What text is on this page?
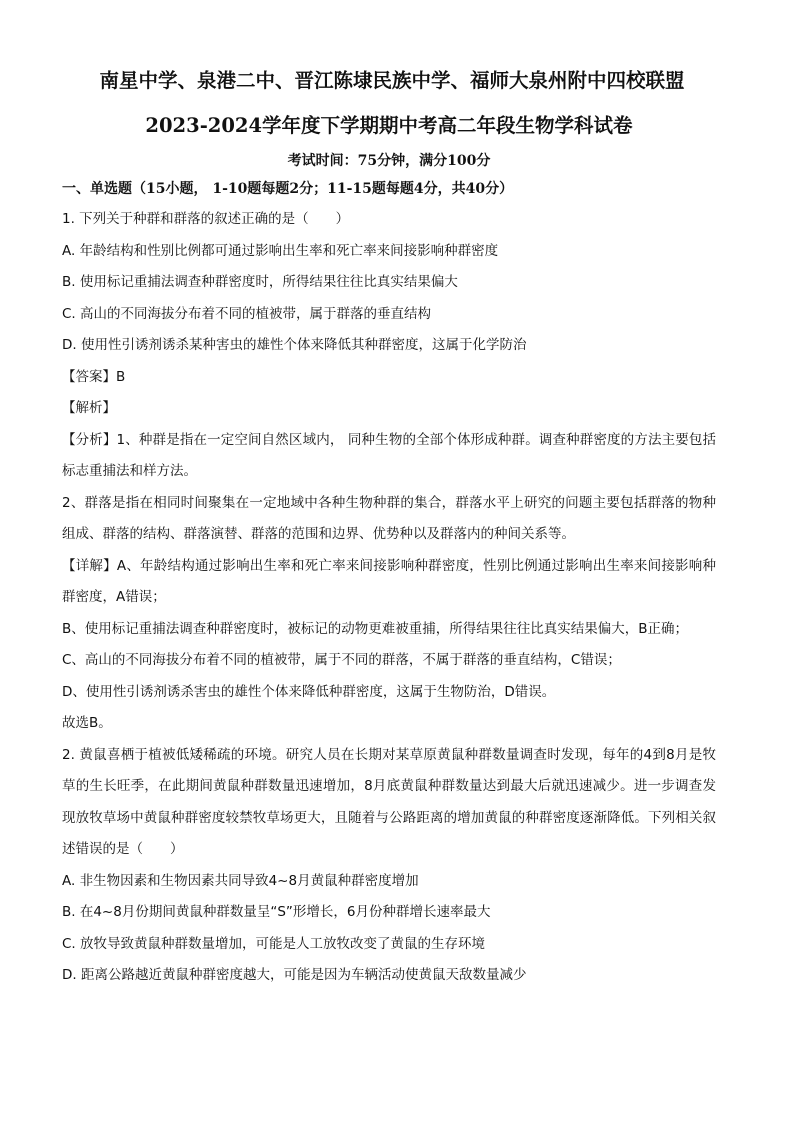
南星中学、泉港二中、晋江陈埭民族中学、福师大泉州附中四校联盟
2023-2024学年度下学期期中考高二年段生物学科试卷
考试时间：75分钟，满分100分
一、单选题（15小题， 1-10题每题2分；11-15题每题4分，共40分）
1. 下列关于种群和群落的叙述正确的是（　　）
A. 年龄结构和性别比例都可通过影响出生率和死亡率来间接影响种群密度
B. 使用标记重捕法调查种群密度时，所得结果往往比真实结果偏大
C. 高山的不同海拔分布着不同的植被带，属于群落的垂直结构
D. 使用性引诱剂诱杀某种害虫的雄性个体来降低其种群密度，这属于化学防治
【答案】B
【解析】
【分析】1、种群是指在一定空间自然区域内， 同种生物的全部个体形成种群。调查种群密度的方法主要包括标志重捕法和样方法。
2、群落是指在相同时间聚集在一定地域中各种生物种群的集合，群落水平上研究的问题主要包括群落的物种组成、群落的结构、群落演替、群落的范围和边界、优势种以及群落内的种间关系等。
【详解】A、年龄结构通过影响出生率和死亡率来间接影响种群密度，性别比例通过影响出生率来间接影响种群密度，A错误；
B、使用标记重捕法调查种群密度时，被标记的动物更难被重捕，所得结果往往比真实结果偏大，B正确；
C、高山的不同海拔分布着不同的植被带，属于不同的群落，不属于群落的垂直结构，C错误；
D、使用性引诱剂诱杀害虫的雄性个体来降低种群密度，这属于生物防治，D错误。
故选B。
2. 黄鼠喜栖于植被低矮稀疏的环境。研究人员在长期对某草原黄鼠种群数量调查时发现，每年的4到8月是牧草的生长旺季，在此期间黄鼠种群数量迅速增加，8月底黄鼠种群数量达到最大后就迅速减少。进一步调查发现放牧草场中黄鼠种群密度较禁牧草场更大，且随着与公路距离的增加黄鼠的种群密度逐渐降低。下列相关叙述错误的是（　　）
A. 非生物因素和生物因素共同导致4~8月黄鼠种群密度增加
B. 在4~8月份期间黄鼠种群数量呈“S”形增长，6月份种群增长速率最大
C. 放牧导致黄鼠种群数量增加，可能是人工放牧改变了黄鼠的生存环境
D. 距离公路越近黄鼠种群密度越大，可能是因为车辆活动使黄鼠天敌数量减少
